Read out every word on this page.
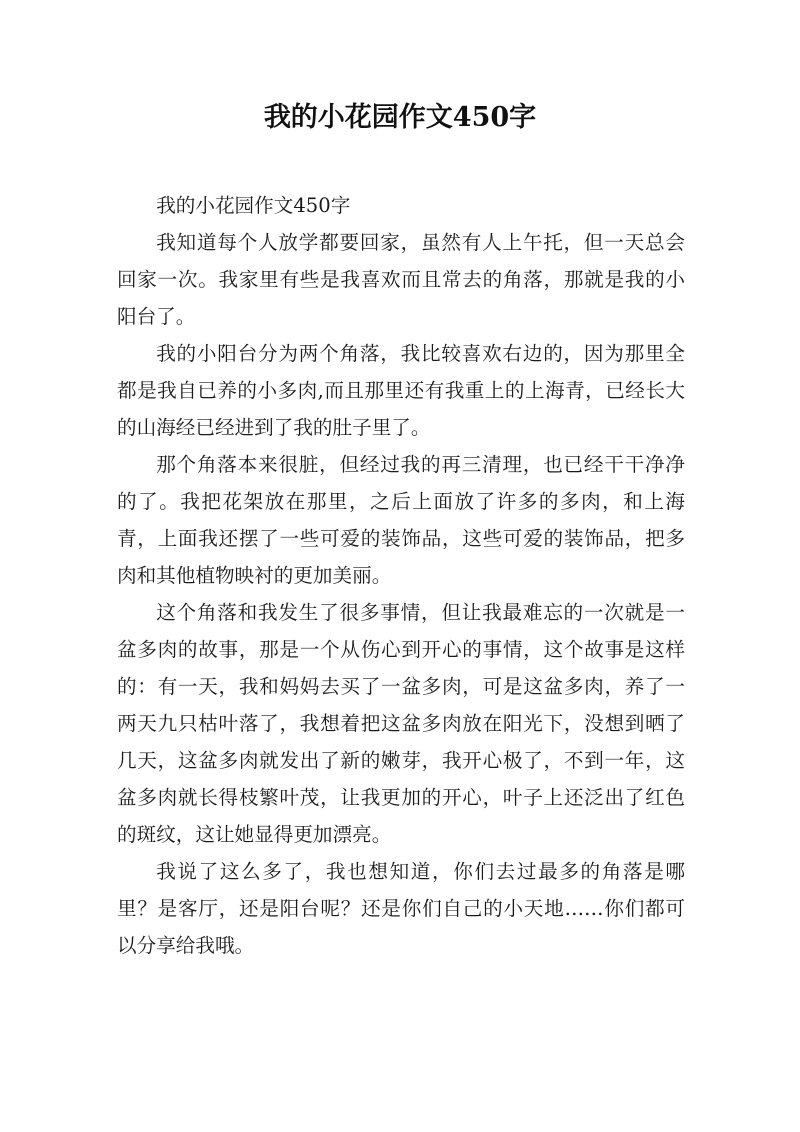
我的小花园作文450字

我的小花园作文450字

我知道每个人放学都要回家，虽然有人上午托，但一天总会回家一次。我家里有些是我喜欢而且常去的角落，那就是我的小阳台了。

我的小阳台分为两个角落，我比较喜欢右边的，因为那里全都是我自已养的小多肉,而且那里还有我重上的上海青，已经长大的山海经已经进到了我的肚子里了。

那个角落本来很脏，但经过我的再三清理，也已经干干净净的了。我把花架放在那里，之后上面放了许多的多肉，和上海青，上面我还摆了一些可爱的装饰品，这些可爱的装饰品，把多肉和其他植物映衬的更加美丽。

这个角落和我发生了很多事情，但让我最难忘的一次就是一盆多肉的故事，那是一个从伤心到开心的事情，这个故事是这样的：有一天，我和妈妈去买了一盆多肉，可是这盆多肉，养了一两天九只枯叶落了，我想着把这盆多肉放在阳光下，没想到晒了几天，这盆多肉就发出了新的嫩芽，我开心极了，不到一年，这盆多肉就长得枝繁叶茂，让我更加的开心，叶子上还泛出了红色的斑纹，这让她显得更加漂亮。

我说了这么多了，我也想知道，你们去过最多的角落是哪里？是客厅，还是阳台呢？还是你们自己的小天地……你们都可以分享给我哦。
